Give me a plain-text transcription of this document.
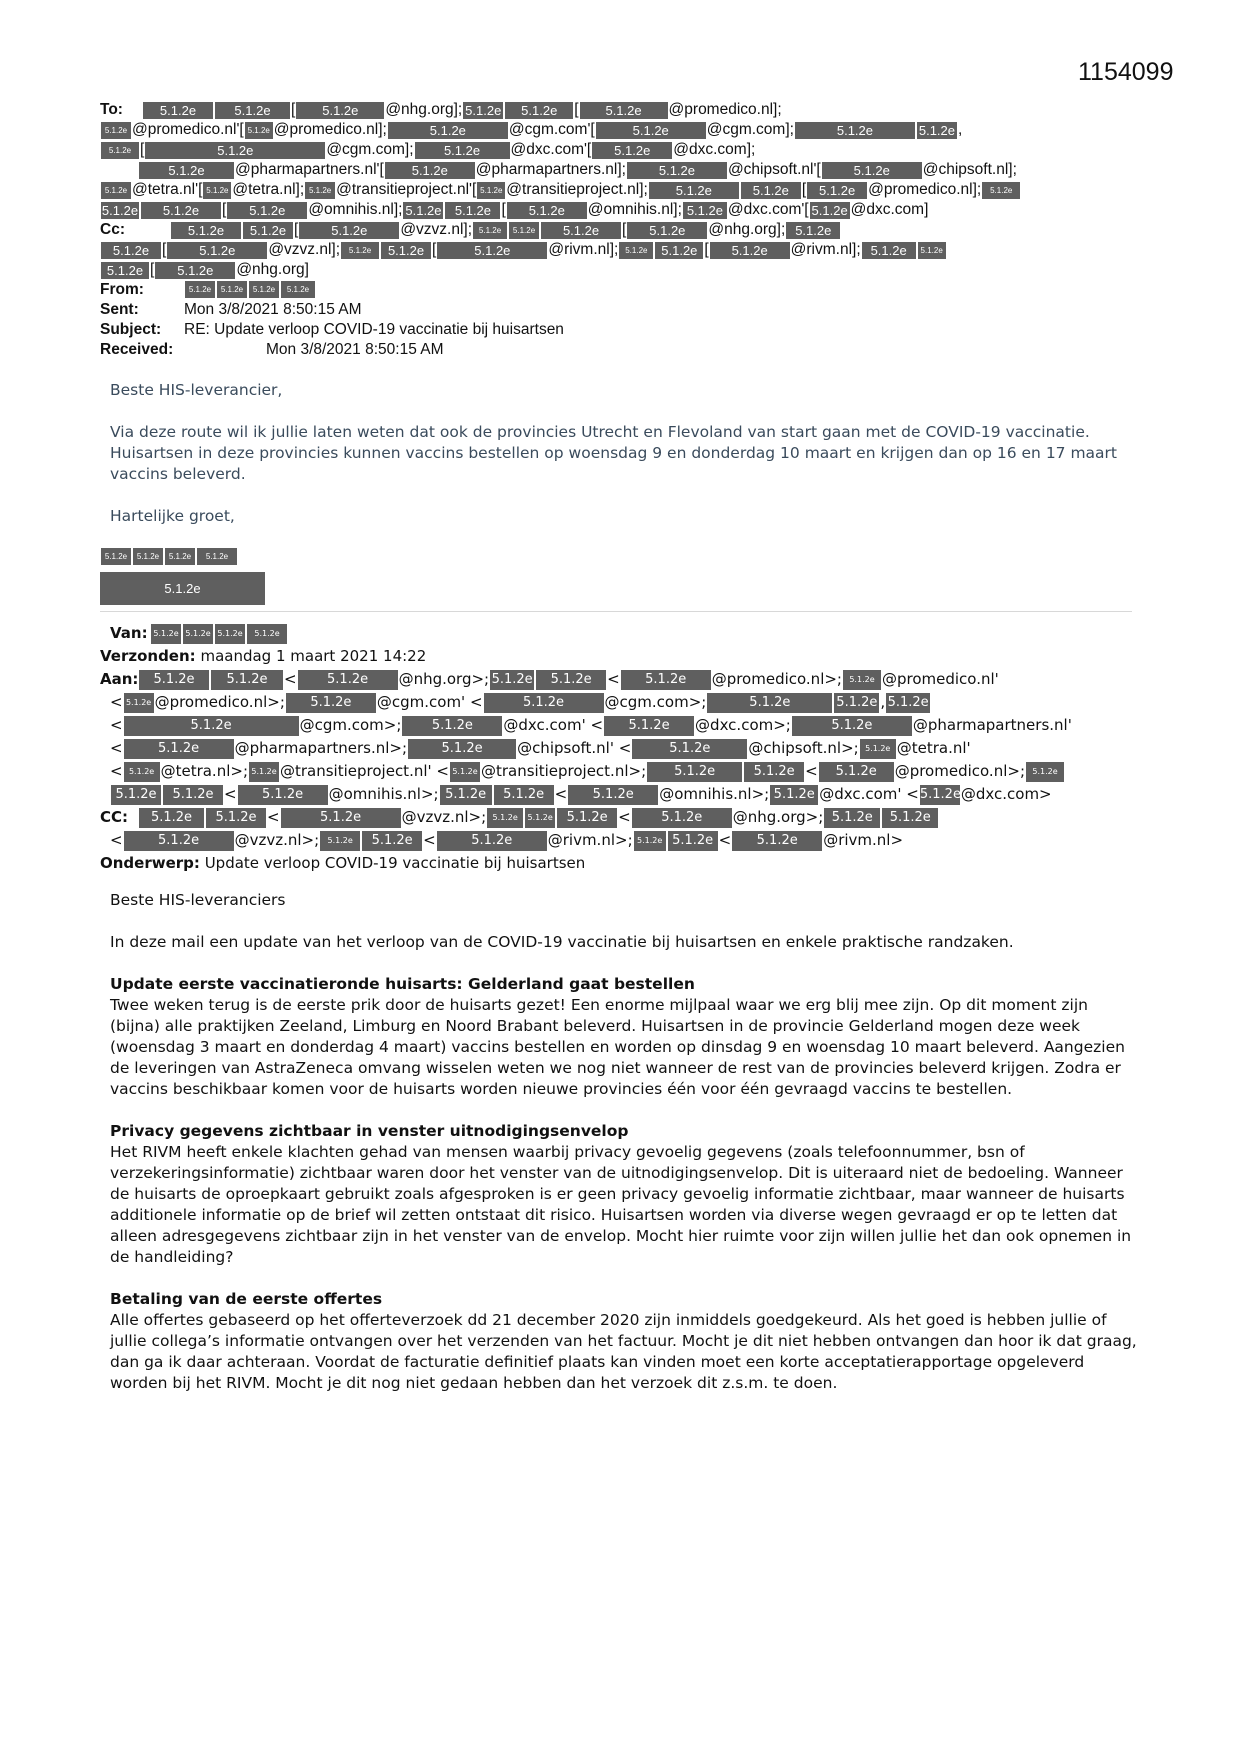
1154099
To:	5.1.2e	5.1.2e [ 5.1.2e @nhg.org];5.1.2e 5.1.2e [ 5.1.2e @promedico.nl];
5.1.2e @promedico.nl'[ 5.1.2e @promedico.nl];	5.1.2e	@cgm.com'[	5.1.2e @cgm.com];	5.1.2e	5.1.2e ,
5.1.2e [	5.1.2e	@cgm.com]; 5.1.2e @dxc.com'[ 5.1.2e @dxc.com];
5.1.2e @pharmapartners.nl'[ 5.1.2e @pharmapartners.nl];	5.1.2e @chipsoft.nl'[	5.1.2e @chipsoft.nl];
5.1.2e @tetra.nl'[ 5.1.2e @tetra.nl]; 5.1.2e @transitieproject.nl'[ 5.1.2e @transitieproject.nl]; 5.1.2e	5.1.2e [ 5.1.2e @promedico.nl]; 5.1.2e
5.1.2e 5.1.2e [ 5.1.2e @omnihis.nl]; 5.1.2e 5.1.2e [ 5.1.2e @omnihis.nl]; 5.1.2e @dxc.com'[ 5.1.2e @dxc.com]
Cc:	5.1.2e 5.1.2e [	5.1.2e @vzvz.nl]; 5.1.2e 5.1.2e 5.1.2e [ 5.1.2e @nhg.org]; 5.1.2e
5.1.2e [	5.1.2e @vzvz.nl]; 5.1.2e 5.1.2e [	5.1.2e @rivm.nl]; 5.1.2e 5.1.2e [ 5.1.2e @rivm.nl]; 5.1.2e 5.1.2e
5.1.2e [ 5.1.2e @nhg.org]
From:	5.1.2e 5.1.2e 5.1.2e 5.1.2e
Sent:	Mon 3/8/2021 8:50:15 AM
Subject: RE: Update verloop COVID-19 vaccinatie bij huisartsen
Received:	Mon 3/8/2021 8:50:15 AM

Beste HIS-leverancier,

Via deze route wil ik jullie laten weten dat ook de provincies Utrecht en Flevoland van start gaan met de COVID-19 vaccinatie. Huisartsen in deze provincies kunnen vaccins bestellen op woensdag 9 en donderdag 10 maart en krijgen dan op 16 en 17 maart vaccins beleverd.

Hartelijke groet,

5.1.2e 5.1.2e 5.1.2e 5.1.2e
5.1.2e
Van: 5.1.2e 5.1.2e 5.1.2e 5.1.2e
Verzonden: maandag 1 maart 2021 14:22
Aan: 5.1.2e 5.1.2e < 5.1.2e @nhg.org>; 5.1.2e 5.1.2e < 5.1.2e @promedico.nl>; 5.1.2e @promedico.nl'
< 5.1.2e @promedico.nl>; 5.1.2e @cgm.com' <	5.1.2e	@cgm.com>;	5.1.2e	5.1.2e , 5.1.2e
<	5.1.2e	@cgm.com>; 5.1.2e @dxc.com' < 5.1.2e @dxc.com>;	5.1.2e	@pharmapartners.nl'
<	5.1.2e @pharmapartners.nl>;	5.1.2e @chipsoft.nl' <	5.1.2e	@chipsoft.nl>; 5.1.2e @tetra.nl'
< 5.1.2e @tetra.nl>; 5.1.2e @transitieproject.nl' < 5.1.2e @transitieproject.nl>; 5.1.2e	5.1.2e < 5.1.2e @promedico.nl>; 5.1.2e
5.1.2e 5.1.2e < 5.1.2e @omnihis.nl>; 5.1.2e 5.1.2e < 5.1.2e @omnihis.nl>; 5.1.2e @dxc.com' <5.1.2e@dxc.com>
CC: 5.1.2e 5.1.2e <	5.1.2e	@vzvz.nl>; 5.1.2e 5.1.2e 5.1.2e < 5.1.2e @nhg.org>; 5.1.2e 5.1.2e
<	5.1.2e @vzvz.nl>; 5.1.2e 5.1.2e <	5.1.2e @rivm.nl>; 5.1.2e 5.1.2e < 5.1.2e @rivm.nl>
Onderwerp: Update verloop COVID-19 vaccinatie bij huisartsen

Beste HIS-leveranciers

In deze mail een update van het verloop van de COVID-19 vaccinatie bij huisartsen en enkele praktische randzaken.

Update eerste vaccinatieronde huisarts: Gelderland gaat bestellen

Twee weken terug is de eerste prik door de huisarts gezet! Een enorme mijlpaal waar we erg blij mee zijn. Op dit moment zijn (bijna) alle praktijken Zeeland, Limburg en Noord Brabant beleverd. Huisartsen in de provincie Gelderland mogen deze week (woensdag 3 maart en donderdag 4 maart) vaccins bestellen en worden op dinsdag 9 en woensdag 10 maart beleverd. Aangezien de leveringen van AstraZeneca omvang wisselen weten we nog niet wanneer de rest van de provincies beleverd krijgen. Zodra er vaccins beschikbaar komen voor de huisarts worden nieuwe provincies één voor één gevraagd vaccins te bestellen.

Privacy gegevens zichtbaar in venster uitnodigingsenvelop

Het RIVM heeft enkele klachten gehad van mensen waarbij privacy gevoelig gegevens (zoals telefoonnummer, bsn of verzekeringsinformatie) zichtbaar waren door het venster van de uitnodigingsenvelop. Dit is uiteraard niet de bedoeling. Wanneer de huisarts de oproepkaart gebruikt zoals afgesproken is er geen privacy gevoelig informatie zichtbaar, maar wanneer de huisarts additionele informatie op de brief wil zetten ontstaat dit risico. Huisartsen worden via diverse wegen gevraagd er op te letten dat alleen adresgegevens zichtbaar zijn in het venster van de envelop. Mocht hier ruimte voor zijn willen jullie het dan ook opnemen in de handleiding?

Betaling van de eerste offertes

Alle offertes gebaseerd op het offerteverzoek dd 21 december 2020 zijn inmiddels goedgekeurd. Als het goed is hebben jullie of jullie collega’s informatie ontvangen over het verzenden van het factuur. Mocht je dit niet hebben ontvangen dan hoor ik dat graag, dan ga ik daar achteraan. Voordat de facturatie definitief plaats kan vinden moet een korte acceptatierapportage opgeleverd worden bij het RIVM. Mocht je dit nog niet gedaan hebben dan het verzoek dit z.s.m. te doen.
